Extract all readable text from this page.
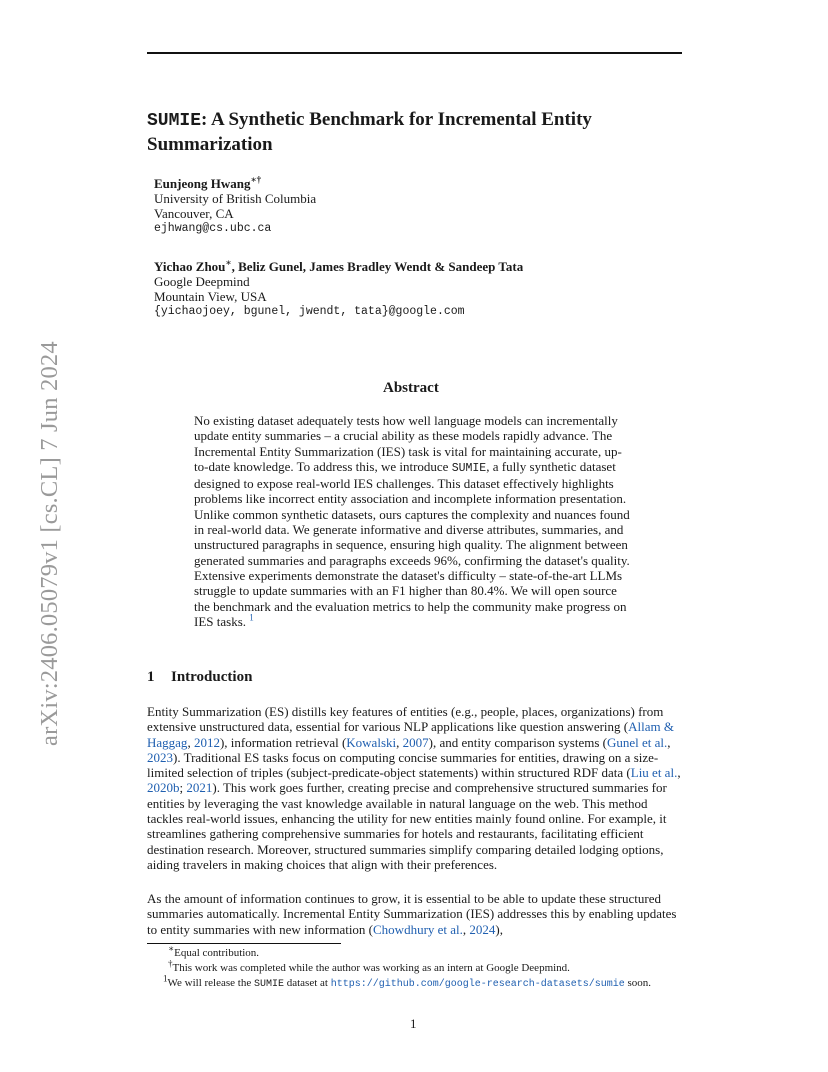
arXiv:2406.05079v1 [cs.CL] 7 Jun 2024
SUMIE: A Synthetic Benchmark for Incremental Entity Summarization
Eunjeong Hwang∗†
University of British Columbia
Vancouver, CA
ejhwang@cs.ubc.ca
Yichao Zhou∗, Beliz Gunel, James Bradley Wendt & Sandeep Tata
Google Deepmind
Mountain View, USA
{yichaojoey, bgunel, jwendt, tata}@google.com
Abstract

No existing dataset adequately tests how well language models can incrementally update entity summaries – a crucial ability as these models rapidly advance. The Incremental Entity Summarization (IES) task is vital for maintaining accurate, up-to-date knowledge. To address this, we introduce SUMIE, a fully synthetic dataset designed to expose real-world IES challenges. This dataset effectively highlights problems like incorrect entity association and incomplete information presentation. Unlike common synthetic datasets, ours captures the complexity and nuances found in real-world data. We generate informative and diverse attributes, summaries, and unstructured paragraphs in sequence, ensuring high quality. The alignment between generated summaries and paragraphs exceeds 96%, confirming the dataset's quality. Extensive experiments demonstrate the dataset's difficulty – state-of-the-art LLMs struggle to update summaries with an F1 higher than 80.4%. We will open source the benchmark and the evaluation metrics to help the community make progress on IES tasks. $^1$

1 Introduction

Entity Summarization (ES) distills key features of entities (e.g., people, places, organizations) from extensive unstructured data, essential for various NLP applications like question answering (Allam & Haggag, 2012), information retrieval (Kowalski, 2007), and entity comparison systems (Gunel et al., 2023). Traditional ES tasks focus on computing concise summaries for entities, drawing on a size-limited selection of triples (subject-predicate-object statements) within structured RDF data (Liu et al., 2020b; 2021). This work goes further, creating precise and comprehensive structured summaries for entities by leveraging the vast knowledge available in natural language on the web. This method tackles real-world issues, enhancing the utility for new entities mainly found online. For example, it streamlines gathering comprehensive summaries for hotels and restaurants, facilitating efficient destination research. Moreover, structured summaries simplify comparing detailed lodging options, aiding travelers in making choices that align with their preferences.

As the amount of information continues to grow, it is essential to be able to update these structured summaries automatically. Incremental Entity Summarization (IES) addresses this by enabling updates to entity summaries with new information (Chowdhury et al., 2024),

∗Equal contribution.
†This work was completed while the author was working as an intern at Google Deepmind.
$^1$We will release the SUMIE dataset at https://github.com/google-research-datasets/sumie soon.
1
